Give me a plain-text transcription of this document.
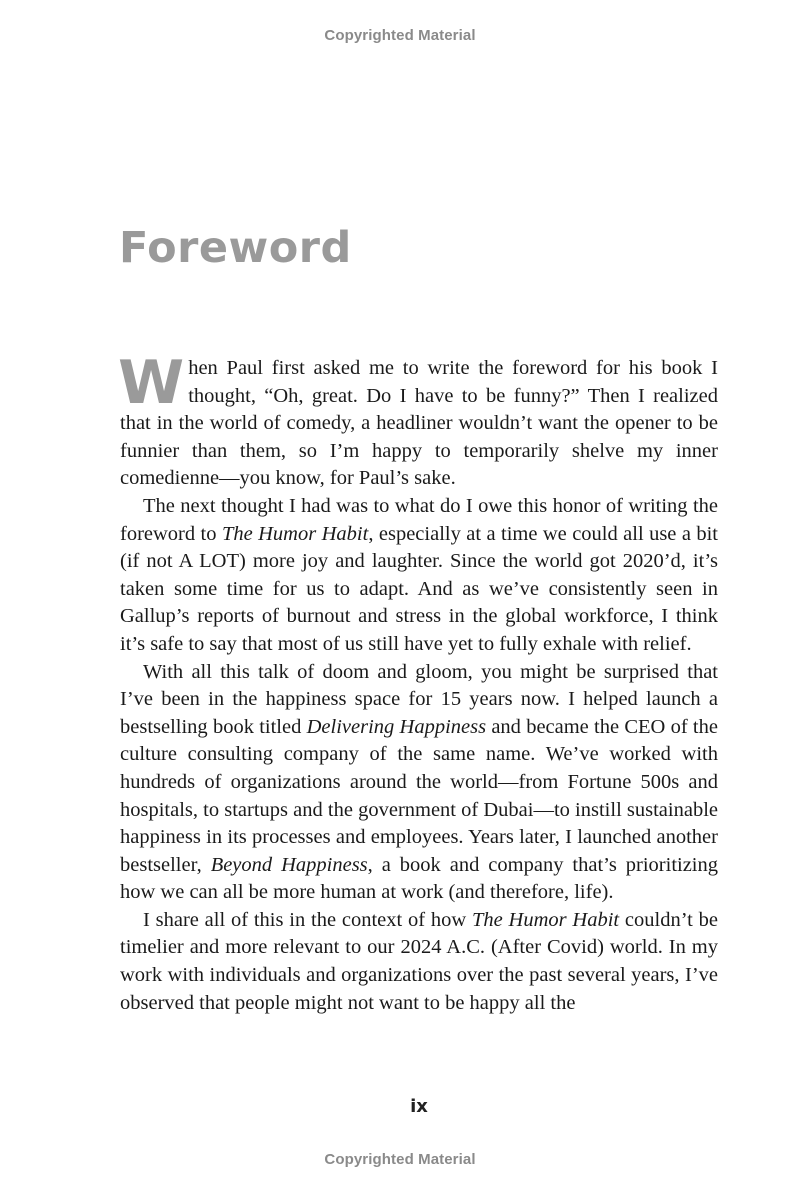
Copyrighted Material
Foreword

When Paul first asked me to write the foreword for his book I thought, “Oh, great. Do I have to be funny?” Then I realized that in the world of comedy, a headliner wouldn’t want the opener to be funnier than them, so I’m happy to temporarily shelve my inner comedienne—you know, for Paul’s sake.

The next thought I had was to what do I owe this honor of writing the foreword to The Humor Habit, especially at a time we could all use a bit (if not A LOT) more joy and laughter. Since the world got 2020’d, it’s taken some time for us to adapt. And as we’ve consistently seen in Gallup’s reports of burnout and stress in the global workforce, I think it’s safe to say that most of us still have yet to fully exhale with relief.

With all this talk of doom and gloom, you might be surprised that I’ve been in the happiness space for 15 years now. I helped launch a bestselling book titled Delivering Happiness and became the CEO of the culture consulting company of the same name. We’ve worked with hundreds of organizations around the world—from Fortune 500s and hospitals, to startups and the government of Dubai—to instill sustainable happiness in its processes and employees. Years later, I launched another bestseller, Beyond Happiness, a book and company that’s prioritizing how we can all be more human at work (and therefore, life).

I share all of this in the context of how The Humor Habit couldn’t be timelier and more relevant to our 2024 A.C. (After Covid) world. In my work with individuals and organizations over the past several years, I’ve observed that people might not want to be happy all the

ix
Copyrighted Material
